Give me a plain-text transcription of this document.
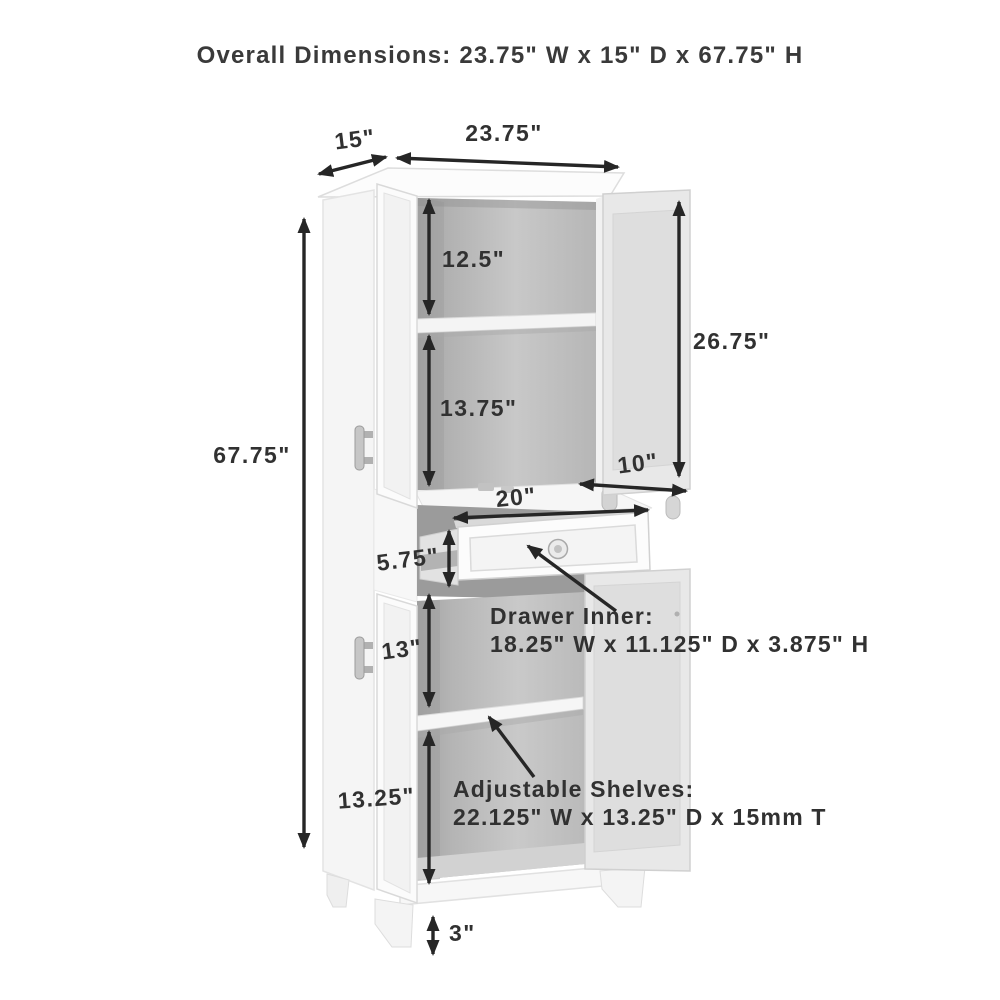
Overall Dimensions: 23.75" W x 15" D x 67.75" H
15"	23.75"
67.75"
12.5"
13.75"
26.75"
10"
20"
5.75"
13"
13.25"
3"
Drawer Inner:
18.25" W x 11.125" D x 3.875" H
Adjustable Shelves:
22.125" W x 13.25" D x 15mm T
